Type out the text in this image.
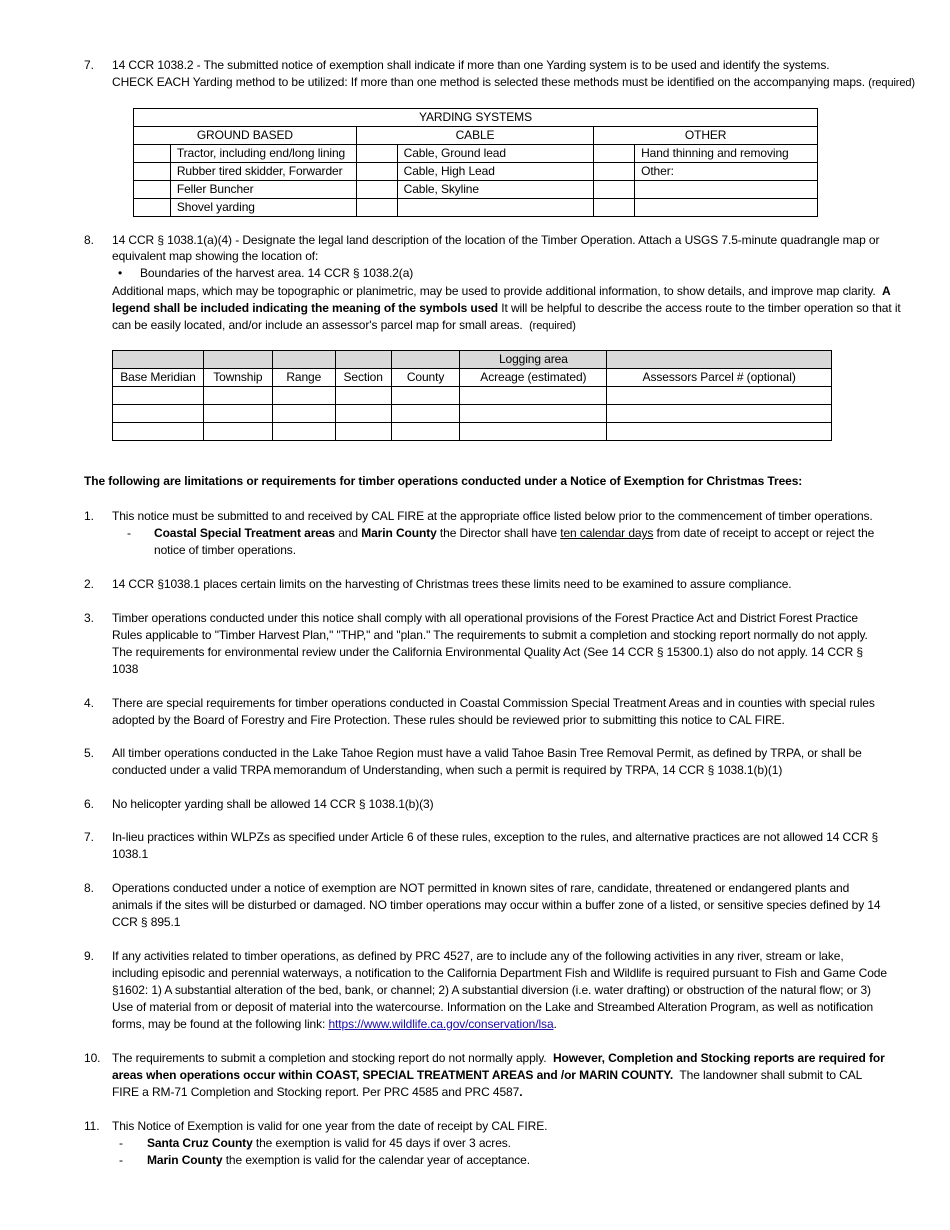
7. 14 CCR 1038.2 - The submitted notice of exemption shall indicate if more than one Yarding system is to be used and identify the systems.
CHECK EACH Yarding method to be utilized: If more than one method is selected these methods must be identified on the accompanying maps. (required)
YARDING SYSTEMS					
GROUND BASED		CABLE		OTHER	
	Tractor, including end/long lining		Cable, Ground lead		Hand thinning and removing
	Rubber tired skidder, Forwarder		Cable, High Lead		Other:
	Feller Buncher		Cable, Skyline		
	Shovel yarding				
8. 14 CCR § 1038.1(a)(4) - Designate the legal land description of the location of the Timber Operation. Attach a USGS 7.5-minute quadrangle map or
equivalent map showing the location of:
• Boundaries of the harvest area. 14 CCR § 1038.2(a)
Additional maps, which may be topographic or planimetric, may be used to provide additional information, to show details, and improve map clarity. A
legend shall be included indicating the meaning of the symbols used It will be helpful to describe the access route to the timber operation so that it
can be easily located, and/or include an assessor's parcel map for small areas. (required)
					Logging area	
Base Meridian	Township	Range	Section	County	Acreage (estimated)	Assessors Parcel # (optional)

The following are limitations or requirements for timber operations conducted under a Notice of Exemption for Christmas Trees:
1. This notice must be submitted to and received by CAL FIRE at the appropriate office listed below prior to the commencement of timber operations.
- Coastal Special Treatment areas and Marin County the Director shall have ten calendar days from date of receipt to accept or reject the
notice of timber operations.
2. 14 CCR §1038.1 places certain limits on the harvesting of Christmas trees these limits need to be examined to assure compliance.
3. Timber operations conducted under this notice shall comply with all operational provisions of the Forest Practice Act and District Forest Practice
Rules applicable to "Timber Harvest Plan," "THP," and "plan." The requirements to submit a completion and stocking report normally do not apply.
The requirements for environmental review under the California Environmental Quality Act (See 14 CCR § 15300.1) also do not apply. 14 CCR §
1038
4. There are special requirements for timber operations conducted in Coastal Commission Special Treatment Areas and in counties with special rules
adopted by the Board of Forestry and Fire Protection. These rules should be reviewed prior to submitting this notice to CAL FIRE.
5. All timber operations conducted in the Lake Tahoe Region must have a valid Tahoe Basin Tree Removal Permit, as defined by TRPA, or shall be
conducted under a valid TRPA memorandum of Understanding, when such a permit is required by TRPA, 14 CCR § 1038.1(b)(1)
6. No helicopter yarding shall be allowed 14 CCR § 1038.1(b)(3)
7. In-lieu practices within WLPZs as specified under Article 6 of these rules, exception to the rules, and alternative practices are not allowed 14 CCR §
1038.1
8. Operations conducted under a notice of exemption are NOT permitted in known sites of rare, candidate, threatened or endangered plants and
animals if the sites will be disturbed or damaged. NO timber operations may occur within a buffer zone of a listed, or sensitive species defined by 14
CCR § 895.1
9. If any activities related to timber operations, as defined by PRC 4527, are to include any of the following activities in any river, stream or lake,
including episodic and perennial waterways, a notification to the California Department Fish and Wildlife is required pursuant to Fish and Game Code
§1602: 1) A substantial alteration of the bed, bank, or channel; 2) A substantial diversion (i.e. water drafting) or obstruction of the natural flow; or 3)
Use of material from or deposit of material into the watercourse. Information on the Lake and Streambed Alteration Program, as well as notification
forms, may be found at the following link: https://www.wildlife.ca.gov/conservation/lsa.
10. The requirements to submit a completion and stocking report do not normally apply. However, Completion and Stocking reports are required for
areas when operations occur within COAST, SPECIAL TREATMENT AREAS and /or MARIN COUNTY. The landowner shall submit to CAL
FIRE a RM-71 Completion and Stocking report. Per PRC 4585 and PRC 4587.
11. This Notice of Exemption is valid for one year from the date of receipt by CAL FIRE.
- Santa Cruz County the exemption is valid for 45 days if over 3 acres.
- Marin County the exemption is valid for the calendar year of acceptance.
